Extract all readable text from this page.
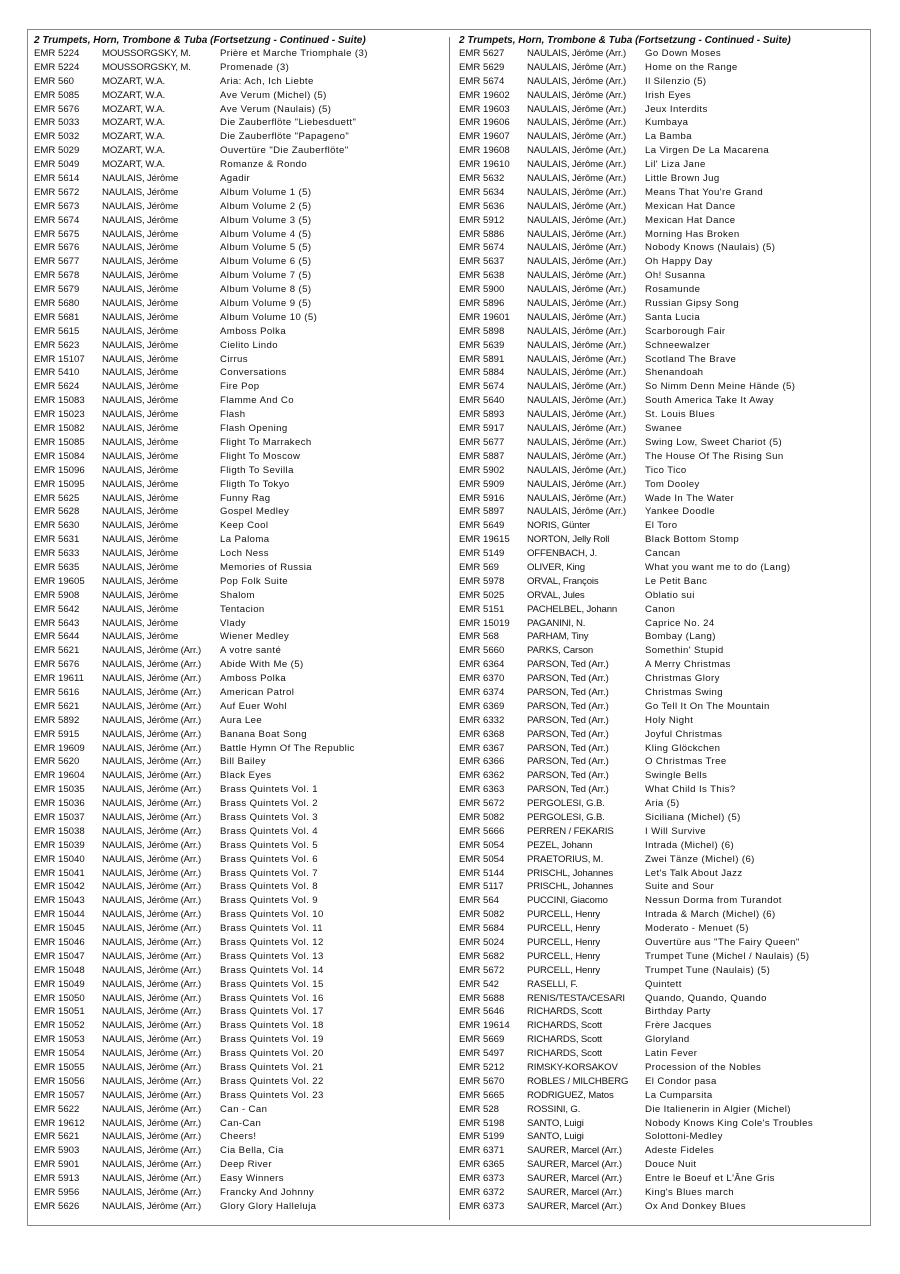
2 Trumpets, Horn, Trombone & Tuba (Fortsetzung - Continued - Suite)
EMR 5224	MOUSSORGSKY, M.	Prière et Marche Triomphale (3)
EMR 5224	MOUSSORGSKY, M.	Promenade (3)
EMR 560	MOZART, W.A.	Aria: Ach, Ich Liebte
EMR 5085	MOZART, W.A.	Ave Verum (Michel) (5)
EMR 5676	MOZART, W.A.	Ave Verum (Naulais) (5)
EMR 5033	MOZART, W.A.	Die Zauberflöte "Liebesduett"
EMR 5032	MOZART, W.A.	Die Zauberflöte "Papageno"
EMR 5029	MOZART, W.A.	Ouvertüre "Die Zauberflöte"
EMR 5049	MOZART, W.A.	Romanze & Rondo
EMR 5614	NAULAIS, Jérôme	Agadir
EMR 5672	NAULAIS, Jérôme	Album Volume 1 (5)
EMR 5673	NAULAIS, Jérôme	Album Volume 2 (5)
EMR 5674	NAULAIS, Jérôme	Album Volume 3 (5)
EMR 5675	NAULAIS, Jérôme	Album Volume 4 (5)
EMR 5676	NAULAIS, Jérôme	Album Volume 5 (5)
EMR 5677	NAULAIS, Jérôme	Album Volume 6 (5)
EMR 5678	NAULAIS, Jérôme	Album Volume 7 (5)
EMR 5679	NAULAIS, Jérôme	Album Volume 8 (5)
EMR 5680	NAULAIS, Jérôme	Album Volume 9 (5)
EMR 5681	NAULAIS, Jérôme	Album Volume 10 (5)
EMR 5615	NAULAIS, Jérôme	Amboss Polka
EMR 5623	NAULAIS, Jérôme	Cielito Lindo
EMR 15107	NAULAIS, Jérôme	Cirrus
EMR 5410	NAULAIS, Jérôme	Conversations
EMR 5624	NAULAIS, Jérôme	Fire Pop
EMR 15083	NAULAIS, Jérôme	Flamme And Co
EMR 15023	NAULAIS, Jérôme	Flash
EMR 15082	NAULAIS, Jérôme	Flash Opening
EMR 15085	NAULAIS, Jérôme	Flight To Marrakech
EMR 15084	NAULAIS, Jérôme	Flight To Moscow
EMR 15096	NAULAIS, Jérôme	Fligth To Sevilla
EMR 15095	NAULAIS, Jérôme	Fligth To Tokyo
EMR 5625	NAULAIS, Jérôme	Funny Rag
EMR 5628	NAULAIS, Jérôme	Gospel Medley
EMR 5630	NAULAIS, Jérôme	Keep Cool
EMR 5631	NAULAIS, Jérôme	La Paloma
EMR 5633	NAULAIS, Jérôme	Loch Ness
EMR 5635	NAULAIS, Jérôme	Memories of Russia
EMR 19605	NAULAIS, Jérôme	Pop Folk Suite
EMR 5908	NAULAIS, Jérôme	Shalom
EMR 5642	NAULAIS, Jérôme	Tentacion
EMR 5643	NAULAIS, Jérôme	Vlady
EMR 5644	NAULAIS, Jérôme	Wiener Medley
EMR 5621	NAULAIS, Jérôme (Arr.)	A votre santé
EMR 5676	NAULAIS, Jérôme (Arr.)	Abide With Me (5)
EMR 19611	NAULAIS, Jérôme (Arr.)	Amboss Polka
EMR 5616	NAULAIS, Jérôme (Arr.)	American Patrol
EMR 5621	NAULAIS, Jérôme (Arr.)	Auf Euer Wohl
EMR 5892	NAULAIS, Jérôme (Arr.)	Aura Lee
EMR 5915	NAULAIS, Jérôme (Arr.)	Banana Boat Song
EMR 19609	NAULAIS, Jérôme (Arr.)	Battle Hymn Of The Republic
EMR 5620	NAULAIS, Jérôme (Arr.)	Bill Bailey
EMR 19604	NAULAIS, Jérôme (Arr.)	Black Eyes
EMR 15035	NAULAIS, Jérôme (Arr.)	Brass Quintets Vol. 1
EMR 15036	NAULAIS, Jérôme (Arr.)	Brass Quintets Vol. 2
EMR 15037	NAULAIS, Jérôme (Arr.)	Brass Quintets Vol. 3
EMR 15038	NAULAIS, Jérôme (Arr.)	Brass Quintets Vol. 4
EMR 15039	NAULAIS, Jérôme (Arr.)	Brass Quintets Vol. 5
EMR 15040	NAULAIS, Jérôme (Arr.)	Brass Quintets Vol. 6
EMR 15041	NAULAIS, Jérôme (Arr.)	Brass Quintets Vol. 7
EMR 15042	NAULAIS, Jérôme (Arr.)	Brass Quintets Vol. 8
EMR 15043	NAULAIS, Jérôme (Arr.)	Brass Quintets Vol. 9
EMR 15044	NAULAIS, Jérôme (Arr.)	Brass Quintets Vol. 10
EMR 15045	NAULAIS, Jérôme (Arr.)	Brass Quintets Vol. 11
EMR 15046	NAULAIS, Jérôme (Arr.)	Brass Quintets Vol. 12
EMR 15047	NAULAIS, Jérôme (Arr.)	Brass Quintets Vol. 13
EMR 15048	NAULAIS, Jérôme (Arr.)	Brass Quintets Vol. 14
EMR 15049	NAULAIS, Jérôme (Arr.)	Brass Quintets Vol. 15
EMR 15050	NAULAIS, Jérôme (Arr.)	Brass Quintets Vol. 16
EMR 15051	NAULAIS, Jérôme (Arr.)	Brass Quintets Vol. 17
EMR 15052	NAULAIS, Jérôme (Arr.)	Brass Quintets Vol. 18
EMR 15053	NAULAIS, Jérôme (Arr.)	Brass Quintets Vol. 19
EMR 15054	NAULAIS, Jérôme (Arr.)	Brass Quintets Vol. 20
EMR 15055	NAULAIS, Jérôme (Arr.)	Brass Quintets Vol. 21
EMR 15056	NAULAIS, Jérôme (Arr.)	Brass Quintets Vol. 22
EMR 15057	NAULAIS, Jérôme (Arr.)	Brass Quintets Vol. 23
EMR 5622	NAULAIS, Jérôme (Arr.)	Can - Can
EMR 19612	NAULAIS, Jérôme (Arr.)	Can-Can
EMR 5621	NAULAIS, Jérôme (Arr.)	Cheers!
EMR 5903	NAULAIS, Jérôme (Arr.)	Cia Bella, Cia
EMR 5901	NAULAIS, Jérôme (Arr.)	Deep River
EMR 5913	NAULAIS, Jérôme (Arr.)	Easy Winners
EMR 5956	NAULAIS, Jérôme (Arr.)	Francky And Johnny
EMR 5626	NAULAIS, Jérôme (Arr.)	Glory Glory Halleluja
2 Trumpets, Horn, Trombone & Tuba (Fortsetzung - Continued - Suite)
EMR 5627	NAULAIS, Jérôme (Arr.)	Go Down Moses
EMR 5629	NAULAIS, Jérôme (Arr.)	Home on the Range
EMR 5674	NAULAIS, Jérôme (Arr.)	Il Silenzio (5)
EMR 19602	NAULAIS, Jérôme (Arr.)	Irish Eyes
EMR 19603	NAULAIS, Jérôme (Arr.)	Jeux Interdits
EMR 19606	NAULAIS, Jérôme (Arr.)	Kumbaya
EMR 19607	NAULAIS, Jérôme (Arr.)	La Bamba
EMR 19608	NAULAIS, Jérôme (Arr.)	La Virgen De La Macarena
EMR 19610	NAULAIS, Jérôme (Arr.)	Lil' Liza Jane
EMR 5632	NAULAIS, Jérôme (Arr.)	Little Brown Jug
EMR 5634	NAULAIS, Jérôme (Arr.)	Means That You're Grand
EMR 5636	NAULAIS, Jérôme (Arr.)	Mexican Hat Dance
EMR 5912	NAULAIS, Jérôme (Arr.)	Mexican Hat Dance
EMR 5886	NAULAIS, Jérôme (Arr.)	Morning Has Broken
EMR 5674	NAULAIS, Jérôme (Arr.)	Nobody Knows (Naulais) (5)
EMR 5637	NAULAIS, Jérôme (Arr.)	Oh Happy Day
EMR 5638	NAULAIS, Jérôme (Arr.)	Oh! Susanna
EMR 5900	NAULAIS, Jérôme (Arr.)	Rosamunde
EMR 5896	NAULAIS, Jérôme (Arr.)	Russian Gipsy Song
EMR 19601	NAULAIS, Jérôme (Arr.)	Santa Lucia
EMR 5898	NAULAIS, Jérôme (Arr.)	Scarborough Fair
EMR 5639	NAULAIS, Jérôme (Arr.)	Schneewalzer
EMR 5891	NAULAIS, Jérôme (Arr.)	Scotland The Brave
EMR 5884	NAULAIS, Jérôme (Arr.)	Shenandoah
EMR 5674	NAULAIS, Jérôme (Arr.)	So Nimm Denn Meine Hände (5)
EMR 5640	NAULAIS, Jérôme (Arr.)	South America Take It Away
EMR 5893	NAULAIS, Jérôme (Arr.)	St. Louis Blues
EMR 5917	NAULAIS, Jérôme (Arr.)	Swanee
EMR 5677	NAULAIS, Jérôme (Arr.)	Swing Low, Sweet Chariot (5)
EMR 5887	NAULAIS, Jérôme (Arr.)	The House Of The Rising Sun
EMR 5902	NAULAIS, Jérôme (Arr.)	Tico Tico
EMR 5909	NAULAIS, Jérôme (Arr.)	Tom Dooley
EMR 5916	NAULAIS, Jérôme (Arr.)	Wade In The Water
EMR 5897	NAULAIS, Jérôme (Arr.)	Yankee Doodle
EMR 5649	NORIS, Günter	El Toro
EMR 19615	NORTON, Jelly Roll	Black Bottom Stomp
EMR 5149	OFFENBACH, J.	Cancan
EMR 569	OLIVER, King	What you want me to do (Lang)
EMR 5978	ORVAL, François	Le Petit Banc
EMR 5025	ORVAL, Jules	Oblatio sui
EMR 5151	PACHELBEL, Johann	Canon
EMR 15019	PAGANINI, N.	Caprice No. 24
EMR 568	PARHAM, Tiny	Bombay (Lang)
EMR 5660	PARKS, Carson	Somethin' Stupid
EMR 6364	PARSON, Ted (Arr.)	A Merry Christmas
EMR 6370	PARSON, Ted (Arr.)	Christmas Glory
EMR 6374	PARSON, Ted (Arr.)	Christmas Swing
EMR 6369	PARSON, Ted (Arr.)	Go Tell It On The Mountain
EMR 6332	PARSON, Ted (Arr.)	Holy Night
EMR 6368	PARSON, Ted (Arr.)	Joyful Christmas
EMR 6367	PARSON, Ted (Arr.)	Kling Glöckchen
EMR 6366	PARSON, Ted (Arr.)	O Christmas Tree
EMR 6362	PARSON, Ted (Arr.)	Swingle Bells
EMR 6363	PARSON, Ted (Arr.)	What Child Is This?
EMR 5672	PERGOLESI, G.B.	Aria (5)
EMR 5082	PERGOLESI, G.B.	Siciliana (Michel) (5)
EMR 5666	PERREN / FEKARIS	I Will Survive
EMR 5054	PEZEL, Johann	Intrada (Michel) (6)
EMR 5054	PRAETORIUS, M.	Zwei Tänze (Michel) (6)
EMR 5144	PRISCHL, Johannes	Let's Talk About Jazz
EMR 5117	PRISCHL, Johannes	Suite and Sour
EMR 564	PUCCINI, Giacomo	Nessun Dorma from Turandot
EMR 5082	PURCELL, Henry	Intrada & March (Michel) (6)
EMR 5684	PURCELL, Henry	Moderato - Menuet (5)
EMR 5024	PURCELL, Henry	Ouvertüre aus "The Fairy Queen"
EMR 5682	PURCELL, Henry	Trumpet Tune (Michel / Naulais) (5)
EMR 5672	PURCELL, Henry	Trumpet Tune (Naulais) (5)
EMR 542	RASELLI, F.	Quintett
EMR 5688	RENIS/TESTA/CESARI	Quando, Quando, Quando
EMR 5646	RICHARDS, Scott	Birthday Party
EMR 19614	RICHARDS, Scott	Frère Jacques
EMR 5669	RICHARDS, Scott	Gloryland
EMR 5497	RICHARDS, Scott	Latin Fever
EMR 5212	RIMSKY-KORSAKOV	Procession of the Nobles
EMR 5670	ROBLES / MILCHBERG	El Condor pasa
EMR 5665	RODRIGUEZ, Matos	La Cumparsita
EMR 528	ROSSINI, G.	Die Italienerin in Algier (Michel)
EMR 5198	SANTO, Luigi	Nobody Knows King Cole's Troubles
EMR 5199	SANTO, Luigi	Solottoni-Medley
EMR 6371	SAURER, Marcel (Arr.)	Adeste Fideles
EMR 6365	SAURER, Marcel (Arr.)	Douce Nuit
EMR 6373	SAURER, Marcel (Arr.)	Entre le Boeuf et L'Âne Gris
EMR 6372	SAURER, Marcel (Arr.)	King's Blues march
EMR 6373	SAURER, Marcel (Arr.)	Ox And Donkey Blues
